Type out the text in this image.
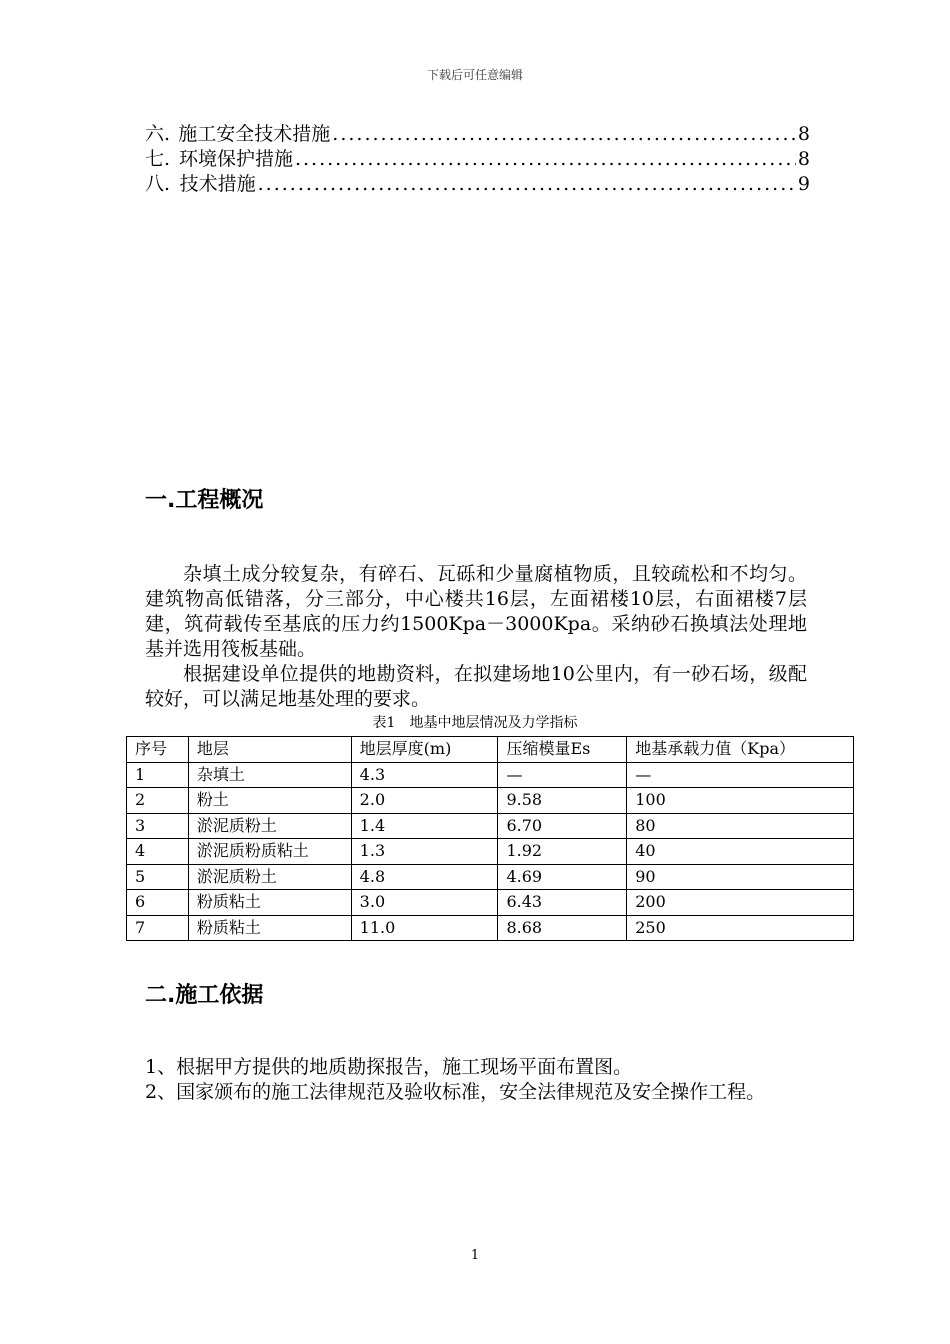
下载后可任意编辑
六. 施工安全技术措施 .....	8
七. 环境保护措施 .....	8
八. 技术措施 .....	9
一.工程概况

杂填土成分较复杂，有碎石、瓦砾和少量腐植物质，且较疏松和不均匀。建筑物高低错落，分三部分，中心楼共16层，左面裙楼10层，右面裙楼7层建，筑荷载传至基底的压力约1500Kpa－3000Kpa。采纳砂石换填法处理地基并选用筏板基础。

根据建设单位提供的地勘资料，在拟建场地10公里内，有一砂石场，级配较好，可以满足地基处理的要求。

表1　地基中地层情况及力学指标
序号	地层	地层厚度(m)	压缩模量Es	地基承载力值（Kpa）
1	杂填土	4.3	—	—
2	粉土	2.0	9.58	100
3	淤泥质粉土	1.4	6.70	80
4	淤泥质粉质粘土	1.3	1.92	40
5	淤泥质粉土	4.8	4.69	90
6	粉质粘土	3.0	6.43	200
7	粉质粘土	11.0	8.68	250
二.施工依据
1、根据甲方提供的地质勘探报告，施工现场平面布置图。
2、国家颁布的施工法律规范及验收标准，安全法律规范及安全操作工程。
1
